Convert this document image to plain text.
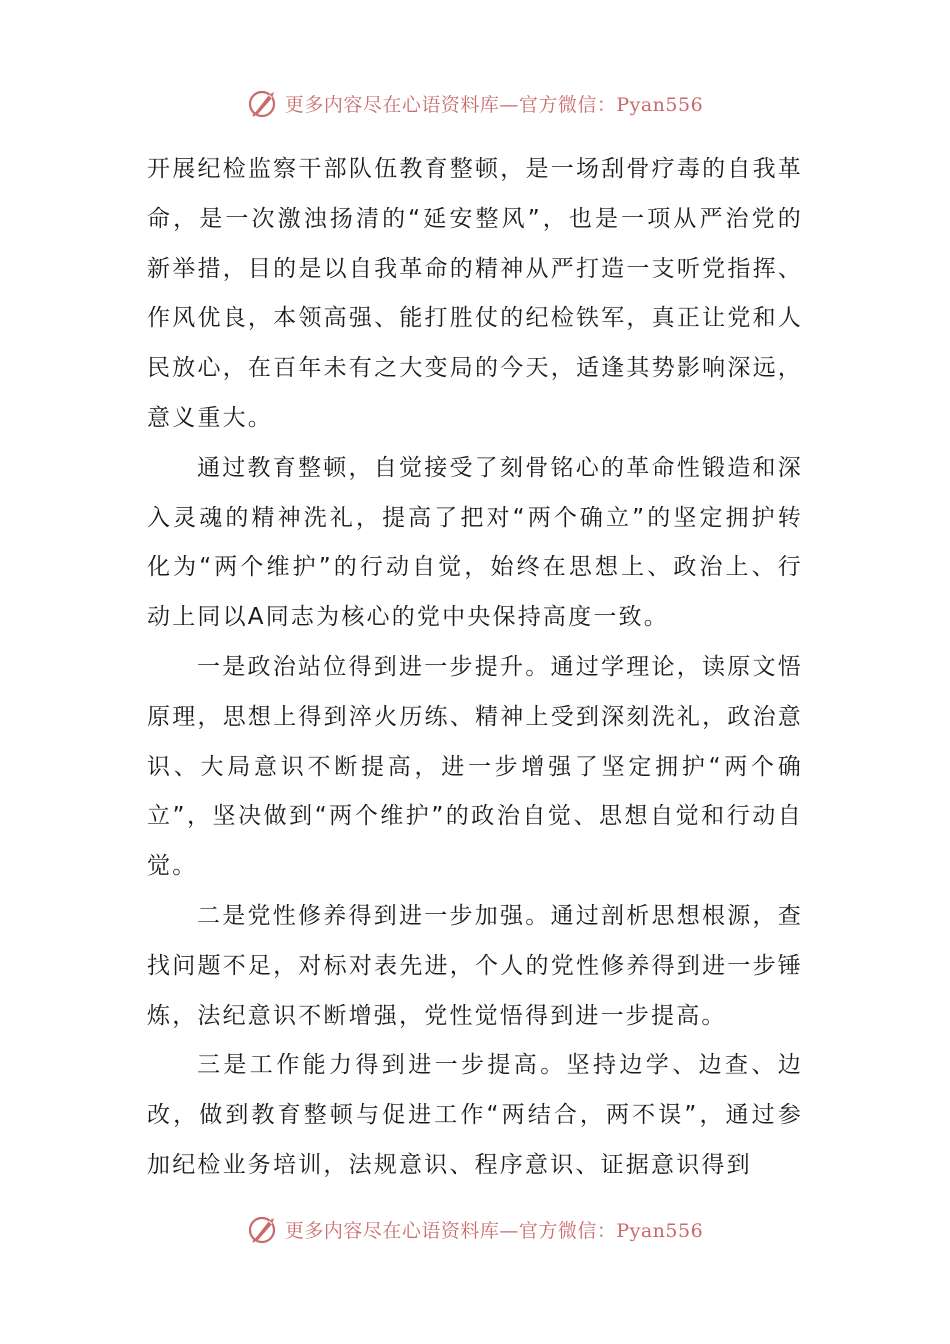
更多内容尽在心语资料库—官方微信：Pyan556

开展纪检监察干部队伍教育整顿，是一场刮骨疗毒的自我革命，是一次激浊扬清的“延安整风”，也是一项从严治党的新举措，目的是以自我革命的精神从严打造一支听党指挥、作风优良，本领高强、能打胜仗的纪检铁军，真正让党和人民放心，在百年未有之大变局的今天，适逢其势影响深远，意义重大。

通过教育整顿，自觉接受了刻骨铭心的革命性锻造和深入灵魂的精神洗礼，提高了把对“两个确立”的坚定拥护转化为“两个维护”的行动自觉，始终在思想上、政治上、行动上同以A同志为核心的党中央保持高度一致。

一是政治站位得到进一步提升。通过学理论，读原文悟原理，思想上得到淬火历练、精神上受到深刻洗礼，政治意识、大局意识不断提高，进一步增强了坚定拥护“两个确立”，坚决做到“两个维护”的政治自觉、思想自觉和行动自觉。

二是党性修养得到进一步加强。通过剖析思想根源，查找问题不足，对标对表先进，个人的党性修养得到进一步锤炼，法纪意识不断增强，党性觉悟得到进一步提高。

三是工作能力得到进一步提高。坚持边学、边查、边改，做到教育整顿与促进工作“两结合，两不误”，通过参加纪检业务培训，法规意识、程序意识、证据意识得到

更多内容尽在心语资料库—官方微信：Pyan556
